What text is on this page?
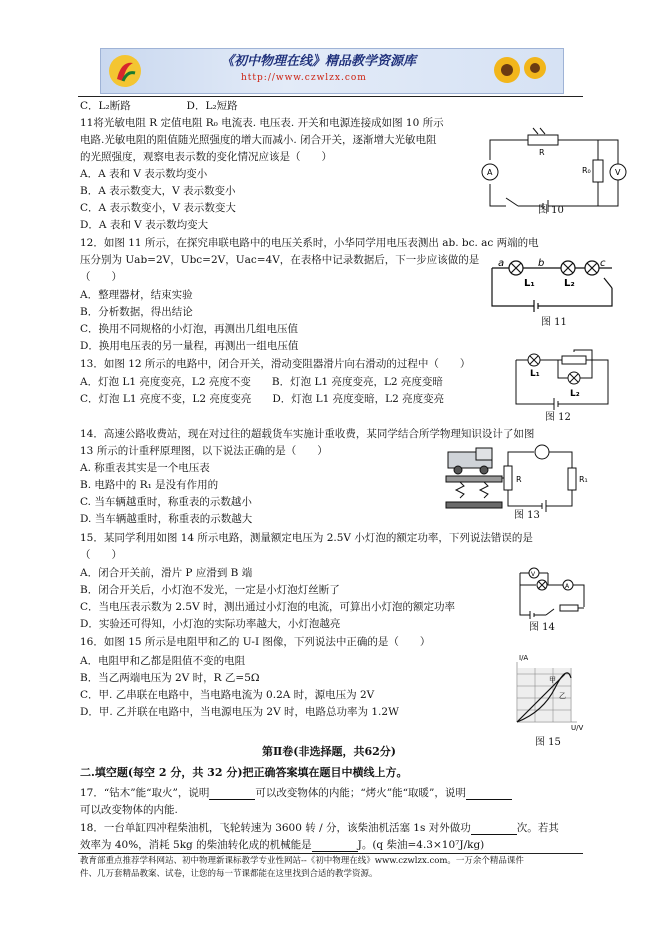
《初中物理在线》精品教学资源库
http://www.czwlzx.com
C．L₂断路　　　　　 D．L₂短路
11将光敏电阻 R 定值电阻 R₀ 电流表. 电压表. 开关和电源连接成如图 10 所示
电路.光敏电阻的阻值随光照强度的增大而减小. 闭合开关，逐渐增大光敏电阻
的光照强度，观察电表示数的变化情况应该是（　　）
A．A 表和 V 表示数均变小
B．A 表示数变大，V 表示数变小
C．A 表示数变小，V 表示数变大
D．A 表和 V 表示数均变大
12．如图 11 所示，在探究串联电路中的电压关系时，小华同学用电压表测出 ab. bc. ac 两端的电
压分别为 Uab=2V，Ubc=2V，Uac=4V，在表格中记录数据后，下一步应该做的是
（　　）
A．整理器材，结束实验
B．分析数据，得出结论
C．换用不同规格的小灯泡，再测出几组电压值
D．换用电压表的另一量程，再测出一组电压值
13．如图 12 所示的电路中，闭合开关，滑动变阻器滑片向右滑动的过程中（　　）
A．灯泡 L1 亮度变亮，L2 亮度不变　　B．灯泡 L1 亮度变亮，L2 亮度变暗
C．灯泡 L1 亮度不变，L2 亮度变亮　　D．灯泡 L1 亮度变暗，L2 亮度变亮
14．高速公路收费站，现在对过往的超载货车实施计重收费，某同学结合所学物理知识设计了如图
13 所示的计重秤原理图，以下说法正确的是（　　）
A. 称重表其实是一个电压表
B. 电路中的 R₁ 是没有作用的
C. 当车辆越重时，称重表的示数越小
D. 当车辆越重时，称重表的示数越大
15．某同学利用如图 14 所示电路，测量额定电压为 2.5V 小灯泡的额定功率，下列说法错误的是
（　　）
A．闭合开关前，滑片 P 应滑到 B 端
B．闭合开关后，小灯泡不发光，一定是小灯泡灯丝断了
C．当电压表示数为 2.5V 时，测出通过小灯泡的电流，可算出小灯泡的额定功率
D．实验还可得知，小灯泡的实际功率越大，小灯泡越亮
16．如图 15 所示是电阻甲和乙的 U-I 图像，下列说法中正确的是（　　）
A．电阻甲和乙都是阻值不变的电阻
B．当乙两端电压为 2V 时，R 乙=5Ω
C．甲. 乙串联在电路中，当电路电流为 0.2A 时，源电压为 2V
D．甲. 乙并联在电路中，当电源电压为 2V 时，电路总功率为 1.2W
R
R₀
A	V
图 10
a	b	c
L₁	L₂
图 11
L₁
L₂
图 12
R	R₁
图 13
V
A
图 14
I/A
U/V
甲
乙
图 15
第Ⅱ卷(非选择题，共62分)
二.填空题(每空 2 分，共 32 分)把正确答案填在题目中横线上方。
17．“钻木”能“取火”，说明	可以改变物体的内能；“烤火”能“取暖”，说明
可以改变物体的内能.
18．一台单缸四冲程柴油机，飞轮转速为 3600 转 / 分，该柴油机活塞 1s 对外做功	次。若其
效率为 40%，消耗 5kg 的柴油转化成的机械能是	J。(q 柴油=4.3×10⁷J/kg)
教育部重点推荐学科网站、初中物理新课标教学专业性网站--《初中物理在线》www.czwlzx.com。一万余个精品课件
件、几万套精品教案、试卷，让您的每一节课都能在这里找到合适的教学资源。
